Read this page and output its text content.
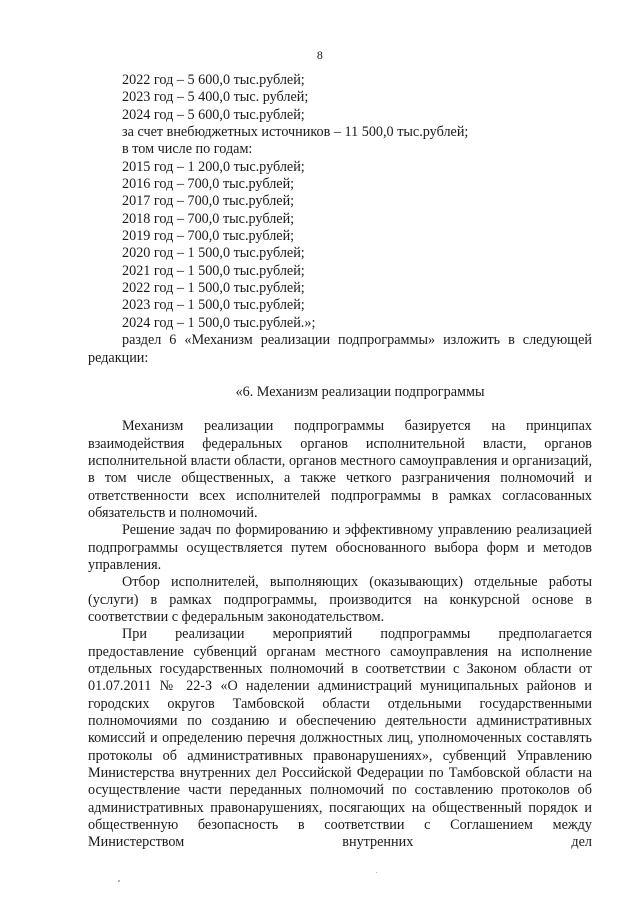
8
2022 год – 5 600,0 тыс.рублей;
2023 год – 5 400,0 тыс. рублей;
2024 год – 5 600,0 тыс.рублей;
за счет внебюджетных источников – 11 500,0 тыс.рублей;
в том числе по годам:
2015 год – 1 200,0 тыс.рублей;
2016 год – 700,0 тыс.рублей;
2017 год – 700,0 тыс.рублей;
2018 год – 700,0 тыс.рублей;
2019 год – 700,0 тыс.рублей;
2020 год – 1 500,0 тыс.рублей;
2021 год – 1 500,0 тыс.рублей;
2022 год – 1 500,0 тыс.рублей;
2023 год – 1 500,0 тыс.рублей;
2024 год – 1 500,0 тыс.рублей.»;

раздел 6 «Механизм реализации подпрограммы» изложить в следующей редакции:

«6. Механизм реализации подпрограммы

Механизм реализации подпрограммы базируется на принципах взаимодействия федеральных органов исполнительной власти, органов исполнительной власти области, органов местного самоуправления и организаций, в том числе общественных, а также четкого разграничения полномочий и ответственности всех исполнителей подпрограммы в рамках согласованных обязательств и полномочий.

Решение задач по формированию и эффективному управлению реализацией подпрограммы осуществляется путем обоснованного выбора форм и методов управления.

Отбор исполнителей, выполняющих (оказывающих) отдельные работы (услуги) в рамках подпрограммы, производится на конкурсной основе в соответствии с федеральным законодательством.

При реализации мероприятий подпрограммы предполагается предоставление субвенций органам местного самоуправления на исполнение отдельных государственных полномочий в соответствии с Законом области от 01.07.2011 № 22-З «О наделении администраций муниципальных районов и городских округов Тамбовской области отдельными государственными полномочиями по созданию и обеспечению деятельности административных комиссий и определению перечня должностных лиц, уполномоченных составлять протоколы об административных правонарушениях», субвенций Управлению Министерства внутренних дел Российской Федерации по Тамбовской области на осуществление части переданных полномочий по составлению протоколов об административных правонарушениях, посягающих на общественный порядок и общественную безопасность в соответствии с Соглашением между Министерством внутренних дел
